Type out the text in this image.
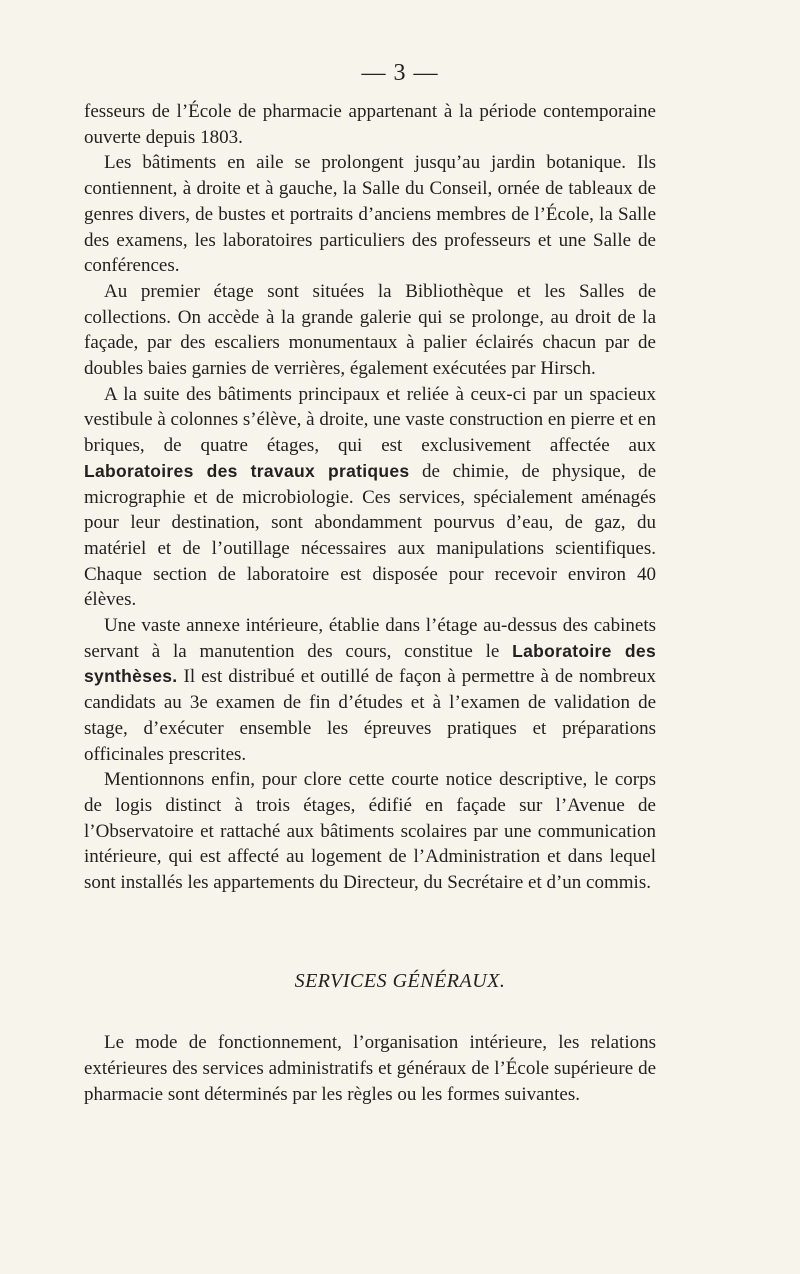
— 3 —

fesseurs de l’École de pharmacie appartenant à la période contemporaine ouverte depuis 1803.

Les bâtiments en aile se prolongent jusqu’au jardin botanique. Ils contiennent, à droite et à gauche, la Salle du Conseil, ornée de tableaux de genres divers, de bustes et portraits d’anciens membres de l’École, la Salle des examens, les laboratoires particuliers des professeurs et une Salle de conférences.

Au premier étage sont situées la Bibliothèque et les Salles de collections. On accède à la grande galerie qui se prolonge, au droit de la façade, par des escaliers monumentaux à palier éclairés chacun par de doubles baies garnies de verrières, également exécutées par Hirsch.

A la suite des bâtiments principaux et reliée à ceux-ci par un spacieux vestibule à colonnes s’élève, à droite, une vaste construction en pierre et en briques, de quatre étages, qui est exclusivement affectée aux Laboratoires des travaux pratiques de chimie, de physique, de micrographie et de microbiologie. Ces services, spécialement aménagés pour leur destination, sont abondamment pourvus d’eau, de gaz, du matériel et de l’outillage nécessaires aux manipulations scientifiques. Chaque section de laboratoire est disposée pour recevoir environ 40 élèves.

Une vaste annexe intérieure, établie dans l’étage au-dessus des cabinets servant à la manutention des cours, constitue le Laboratoire des synthèses. Il est distribué et outillé de façon à permettre à de nombreux candidats au 3e examen de fin d’études et à l’examen de validation de stage, d’exécuter ensemble les épreuves pratiques et préparations officinales prescrites.

Mentionnons enfin, pour clore cette courte notice descriptive, le corps de logis distinct à trois étages, édifié en façade sur l’Avenue de l’Observatoire et rattaché aux bâtiments scolaires par une communication intérieure, qui est affecté au logement de l’Administration et dans lequel sont installés les appartements du Directeur, du Secrétaire et d’un commis.

SERVICES GÉNÉRAUX.

Le mode de fonctionnement, l’organisation intérieure, les relations extérieures des services administratifs et généraux de l’École supérieure de pharmacie sont déterminés par les règles ou les formes suivantes.
